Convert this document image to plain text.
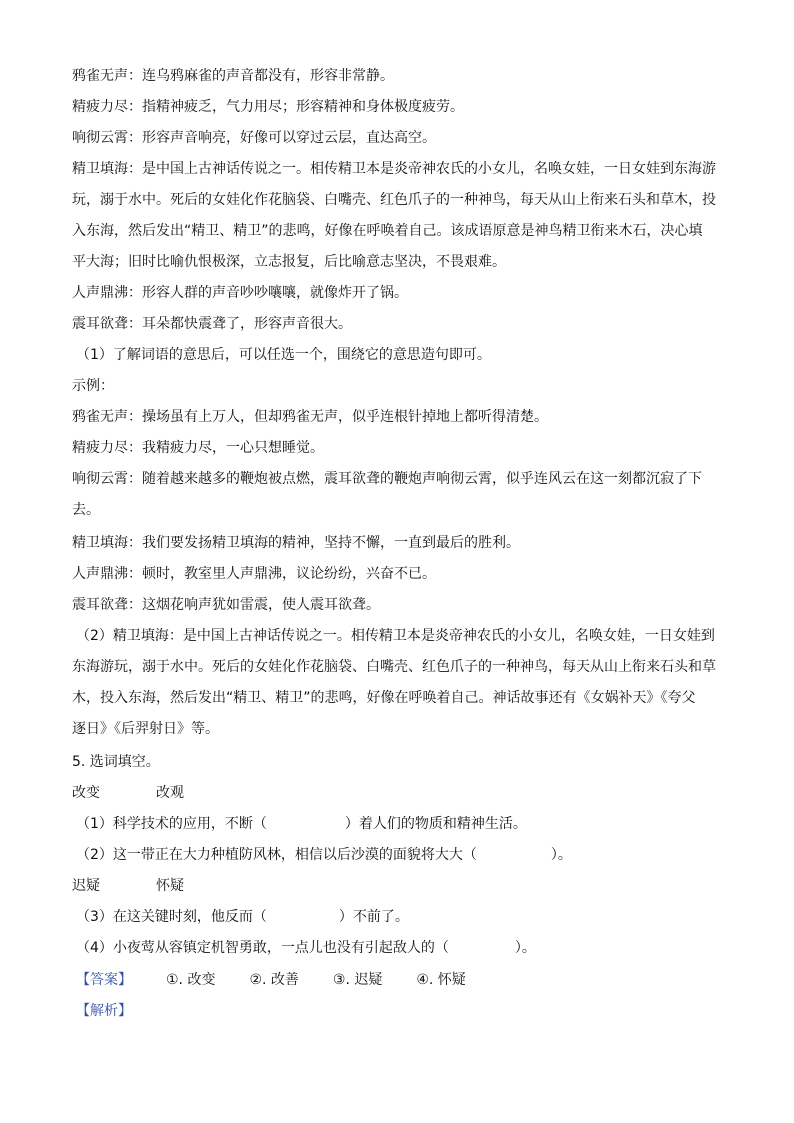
鸦雀无声：连乌鸦麻雀的声音都没有，形容非常静。
精疲力尽：指精神疲乏，气力用尽；形容精神和身体极度疲劳。
响彻云霄：形容声音响亮，好像可以穿过云层，直达高空。
精卫填海：是中国上古神话传说之一。相传精卫本是炎帝神农氏的小女儿，名唤女娃，一日女娃到东海游
玩，溺于水中。死后的女娃化作花脑袋、白嘴壳、红色爪子的一种神鸟，每天从山上衔来石头和草木，投
入东海，然后发出“精卫、精卫”的悲鸣，好像在呼唤着自己。该成语原意是神鸟精卫衔来木石，决心填
平大海；旧时比喻仇恨极深，立志报复，后比喻意志坚决，不畏艰难。
人声鼎沸：形容人群的声音吵吵嚷嚷，就像炸开了锅。
震耳欲聋：耳朵都快震聋了，形容声音很大。
（1）了解词语的意思后，可以任选一个，围绕它的意思造句即可。
示例：
鸦雀无声：操场虽有上万人，但却鸦雀无声，似乎连根针掉地上都听得清楚。
精疲力尽：我精疲力尽，一心只想睡觉。
响彻云霄：随着越来越多的鞭炮被点燃，震耳欲聋的鞭炮声响彻云霄，似乎连风云在这一刻都沉寂了下
去。
精卫填海：我们要发扬精卫填海的精神，坚持不懈，一直到最后的胜利。
人声鼎沸：顿时，教室里人声鼎沸，议论纷纷，兴奋不已。
震耳欲聋：这烟花响声犹如雷震，使人震耳欲聋。
（2）精卫填海：是中国上古神话传说之一。相传精卫本是炎帝神农氏的小女儿，名唤女娃，一日女娃到
东海游玩，溺于水中。死后的女娃化作花脑袋、白嘴壳、红色爪子的一种神鸟，每天从山上衔来石头和草
木，投入东海，然后发出“精卫、精卫”的悲鸣，好像在呼唤着自己。神话故事还有《女娲补天》《夸父
逐日》《后羿射日》等。
5. 选词填空。
改变	改观
（1）科学技术的应用，不断（	）着人们的物质和精神生活。
（2）这一带正在大力种植防风林，相信以后沙漠的面貌将大大（	）。
迟疑	怀疑
（3）在这关键时刻，他反而（	）不前了。
（4）小夜莺从容镇定机智勇敢，一点儿也没有引起敌人的（	）。
【答案】 ①. 改变 ②. 改善 ③. 迟疑 ④. 怀疑
【解析】
